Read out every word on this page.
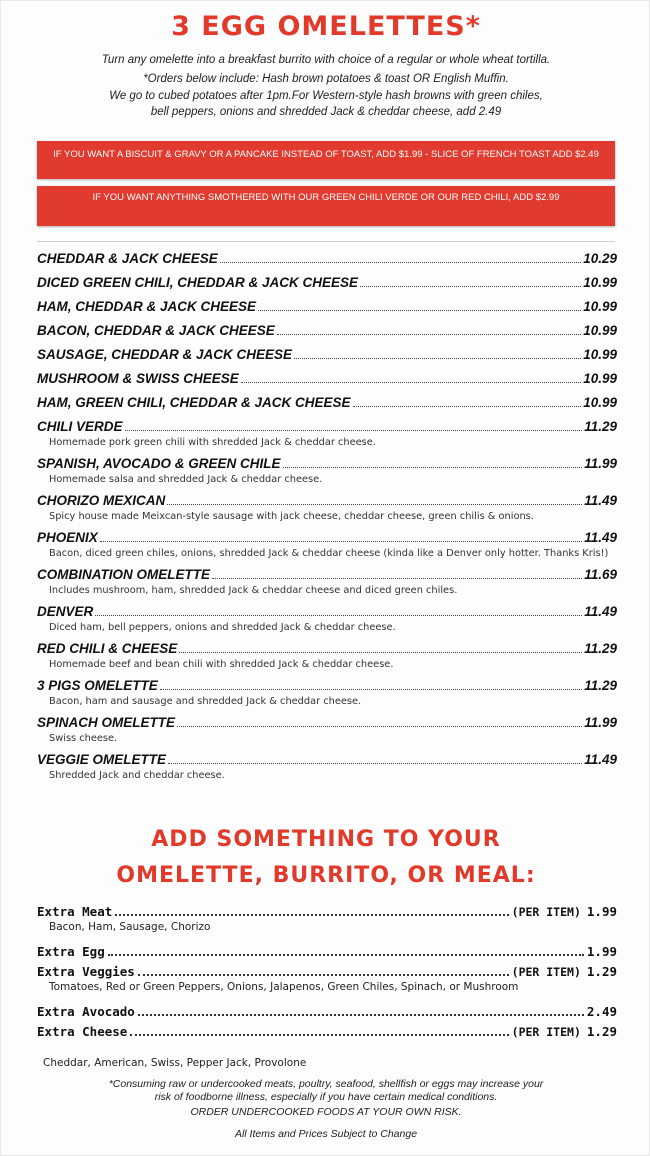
3 EGG OMELETTES*
Turn any omelette into a breakfast burrito with choice of a regular or whole wheat tortilla.
*Orders below include: Hash brown potatoes & toast OR English Muffin.
We go to cubed potatoes after 1pm.For Western-style hash browns with green chiles,
bell peppers, onions and shredded Jack & cheddar cheese, add 2.49
IF YOU WANT A BISCUIT & GRAVY OR A PANCAKE INSTEAD OF TOAST, ADD $1.99 - SLICE OF FRENCH TOAST ADD $2.49
IF YOU WANT ANYTHING SMOTHERED WITH OUR GREEN CHILI VERDE OR OUR RED CHILI, ADD $2.99
CHEDDAR & JACK CHEESE	10.29
DICED GREEN CHILI, CHEDDAR & JACK CHEESE	10.99
HAM, CHEDDAR & JACK CHEESE	10.99
BACON, CHEDDAR & JACK CHEESE	10.99
SAUSAGE, CHEDDAR & JACK CHEESE	10.99
MUSHROOM & SWISS CHEESE	10.99
HAM, GREEN CHILI, CHEDDAR & JACK CHEESE	10.99
CHILI VERDE	11.29
Homemade pork green chili with shredded Jack & cheddar cheese.
SPANISH, AVOCADO & GREEN CHILE	11.99
Homemade salsa and shredded Jack & cheddar cheese.
CHORIZO MEXICAN	11.49
Spicy house made Meixcan-style sausage with jack cheese, cheddar cheese, green chilis & onions.
PHOENIX	11.49
Bacon, diced green chiles, onions, shredded Jack & cheddar cheese (kinda like a Denver only hotter. Thanks Kris!)
COMBINATION OMELETTE	11.69
Includes mushroom, ham, shredded Jack & cheddar cheese and diced green chiles.
DENVER	11.49
Diced ham, bell peppers, onions and shredded Jack & cheddar cheese.
RED CHILI & CHEESE	11.29
Homemade beef and bean chili with shredded Jack & cheddar cheese.
3 PIGS OMELETTE	11.29
Bacon, ham and sausage and shredded Jack & cheddar cheese.
SPINACH OMELETTE	11.99
Swiss cheese.
VEGGIE OMELETTE	11.49
Shredded Jack and cheddar cheese.
ADD SOMETHING TO YOUR
OMELETTE, BURRITO, OR MEAL:
Extra Meat	(PER ITEM) 1.99
Bacon, Ham, Sausage, Chorizo
Extra Egg	1.99
Extra Veggies	(PER ITEM) 1.29
Tomatoes, Red or Green Peppers, Onions, Jalapenos, Green Chiles, Spinach, or Mushroom
Extra Avocado	2.49
Extra Cheese	(PER ITEM) 1.29
Cheddar, American, Swiss, Pepper Jack, Provolone
*Consuming raw or undercooked meats, poultry, seafood, shellfish or eggs may increase your
risk of foodborne illness, especially if you have certain medical conditions.
ORDER UNDERCOOKED FOODS AT YOUR OWN RISK.
All Items and Prices Subject to Change
